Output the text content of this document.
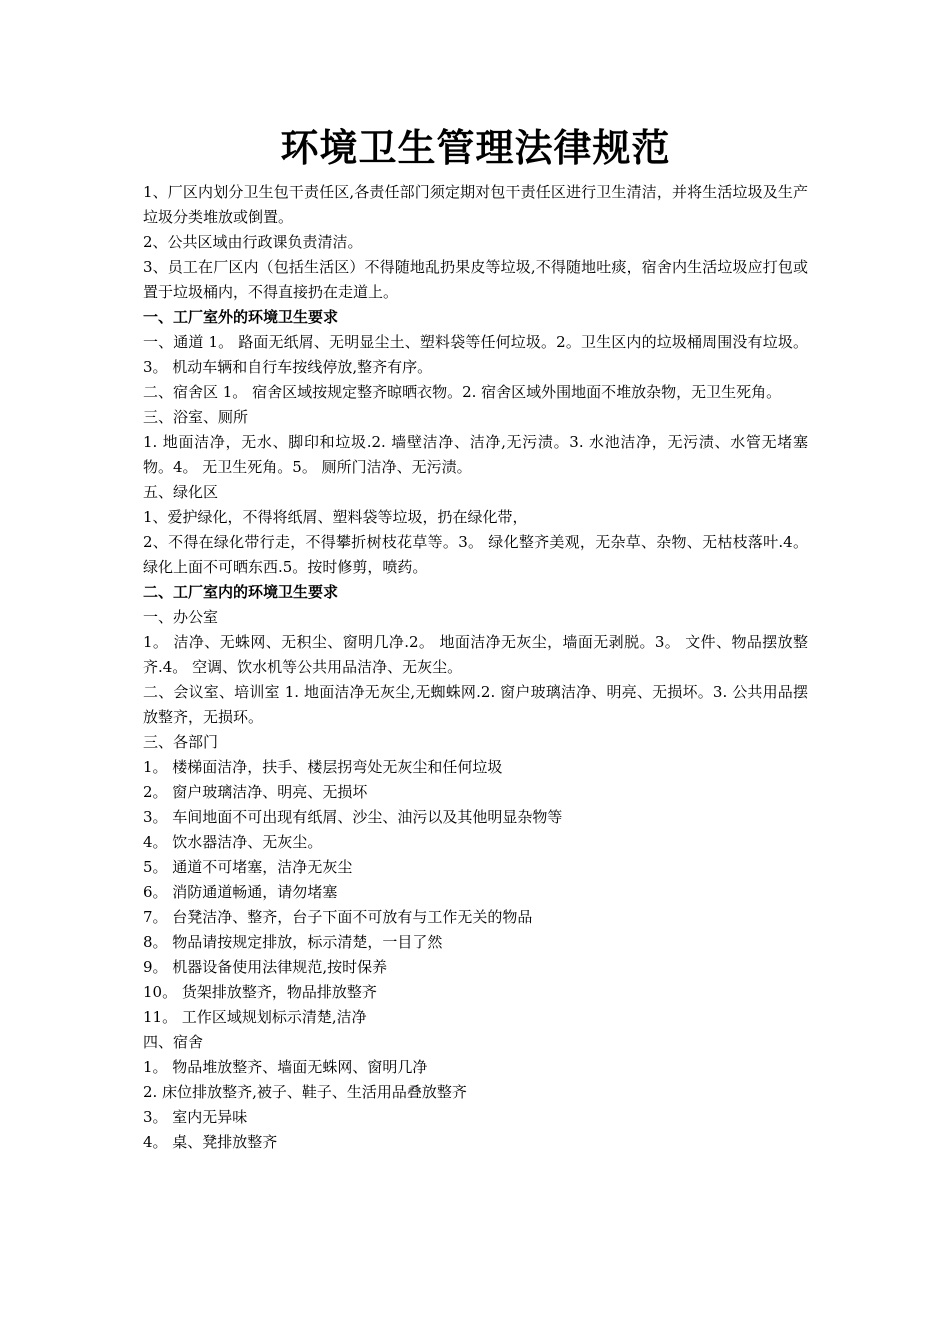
环境卫生管理法律规范

1、厂区内划分卫生包干责任区,各责任部门须定期对包干责任区进行卫生清洁，并将生活垃圾及生产垃圾分类堆放或倒置。

2、公共区域由行政课负责清洁。

3、员工在厂区内（包括生活区）不得随地乱扔果皮等垃圾,不得随地吐痰，宿舍内生活垃圾应打包或置于垃圾桶内，不得直接扔在走道上。

一、工厂室外的环境卫生要求

一、通道 1。 路面无纸屑、无明显尘土、塑料袋等任何垃圾。2。卫生区内的垃圾桶周围没有垃圾。3。 机动车辆和自行车按线停放,整齐有序。

二、宿舍区 1。 宿舍区域按规定整齐晾晒衣物。2. 宿舍区域外围地面不堆放杂物，无卫生死角。

三、浴室、厕所

1. 地面洁净，无水、脚印和垃圾.2. 墙壁洁净、洁净,无污渍。3. 水池洁净，无污渍、水管无堵塞物。4。 无卫生死角。5。 厕所门洁净、无污渍。

五、绿化区

1、爱护绿化，不得将纸屑、塑料袋等垃圾，扔在绿化带，

2、不得在绿化带行走，不得攀折树枝花草等。3。 绿化整齐美观，无杂草、杂物、无枯枝落叶.4。 绿化上面不可晒东西.5。按时修剪，喷药。

二、工厂室内的环境卫生要求

一、办公室

1。 洁净、无蛛网、无积尘、窗明几净.2。 地面洁净无灰尘，墙面无剥脱。3。 文件、物品摆放整齐.4。 空调、饮水机等公共用品洁净、无灰尘。

二、会议室、培训室 1. 地面洁净无灰尘,无蜘蛛网.2. 窗户玻璃洁净、明亮、无损坏。3. 公共用品摆放整齐，无损环。

三、各部门

1。 楼梯面洁净，扶手、楼层拐弯处无灰尘和任何垃圾

2。 窗户玻璃洁净、明亮、无损坏

3。 车间地面不可出现有纸屑、沙尘、油污以及其他明显杂物等

4。 饮水器洁净、无灰尘。

5。 通道不可堵塞，洁净无灰尘

6。 消防通道畅通，请勿堵塞

7。 台凳洁净、整齐，台子下面不可放有与工作无关的物品

8。 物品请按规定排放，标示清楚，一目了然

9。 机器设备使用法律规范,按时保养

10。 货架排放整齐，物品排放整齐

11。 工作区域规划标示清楚,洁净

四、宿舍

1。 物品堆放整齐、墙面无蛛网、窗明几净

2. 床位排放整齐,被子、鞋子、生活用品叠放整齐

3。 室内无异味

4。 桌、凳排放整齐
